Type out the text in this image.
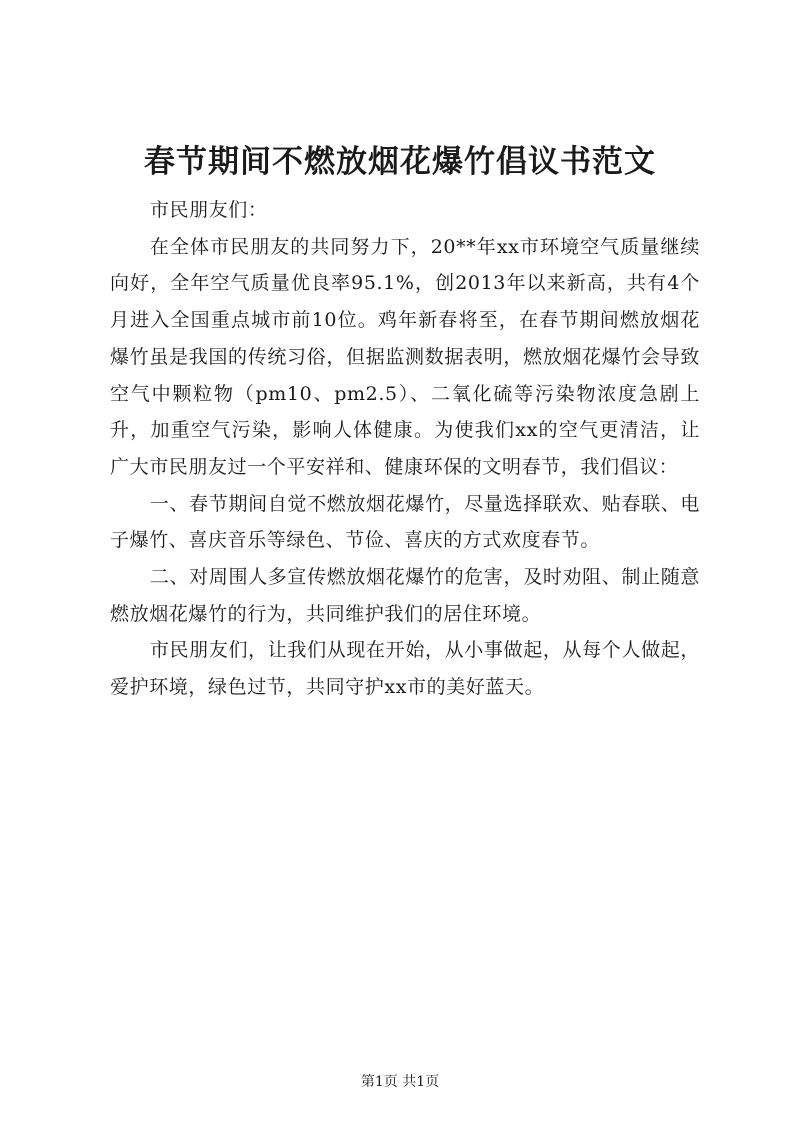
春节期间不燃放烟花爆竹倡议书范文

市民朋友们：

在全体市民朋友的共同努力下，20**年xx市环境空气质量继续向好，全年空气质量优良率95.1%，创2013年以来新高，共有4个月进入全国重点城市前10位。鸡年新春将至，在春节期间燃放烟花爆竹虽是我国的传统习俗，但据监测数据表明，燃放烟花爆竹会导致空气中颗粒物（pm10、pm2.5）、二氧化硫等污染物浓度急剧上升，加重空气污染，影响人体健康。为使我们xx的空气更清洁，让广大市民朋友过一个平安祥和、健康环保的文明春节，我们倡议：

一、春节期间自觉不燃放烟花爆竹，尽量选择联欢、贴春联、电子爆竹、喜庆音乐等绿色、节俭、喜庆的方式欢度春节。

二、对周围人多宣传燃放烟花爆竹的危害，及时劝阻、制止随意燃放烟花爆竹的行为，共同维护我们的居住环境。

市民朋友们，让我们从现在开始，从小事做起，从每个人做起，爱护环境，绿色过节，共同守护xx市的美好蓝天。

第1页 共1页
